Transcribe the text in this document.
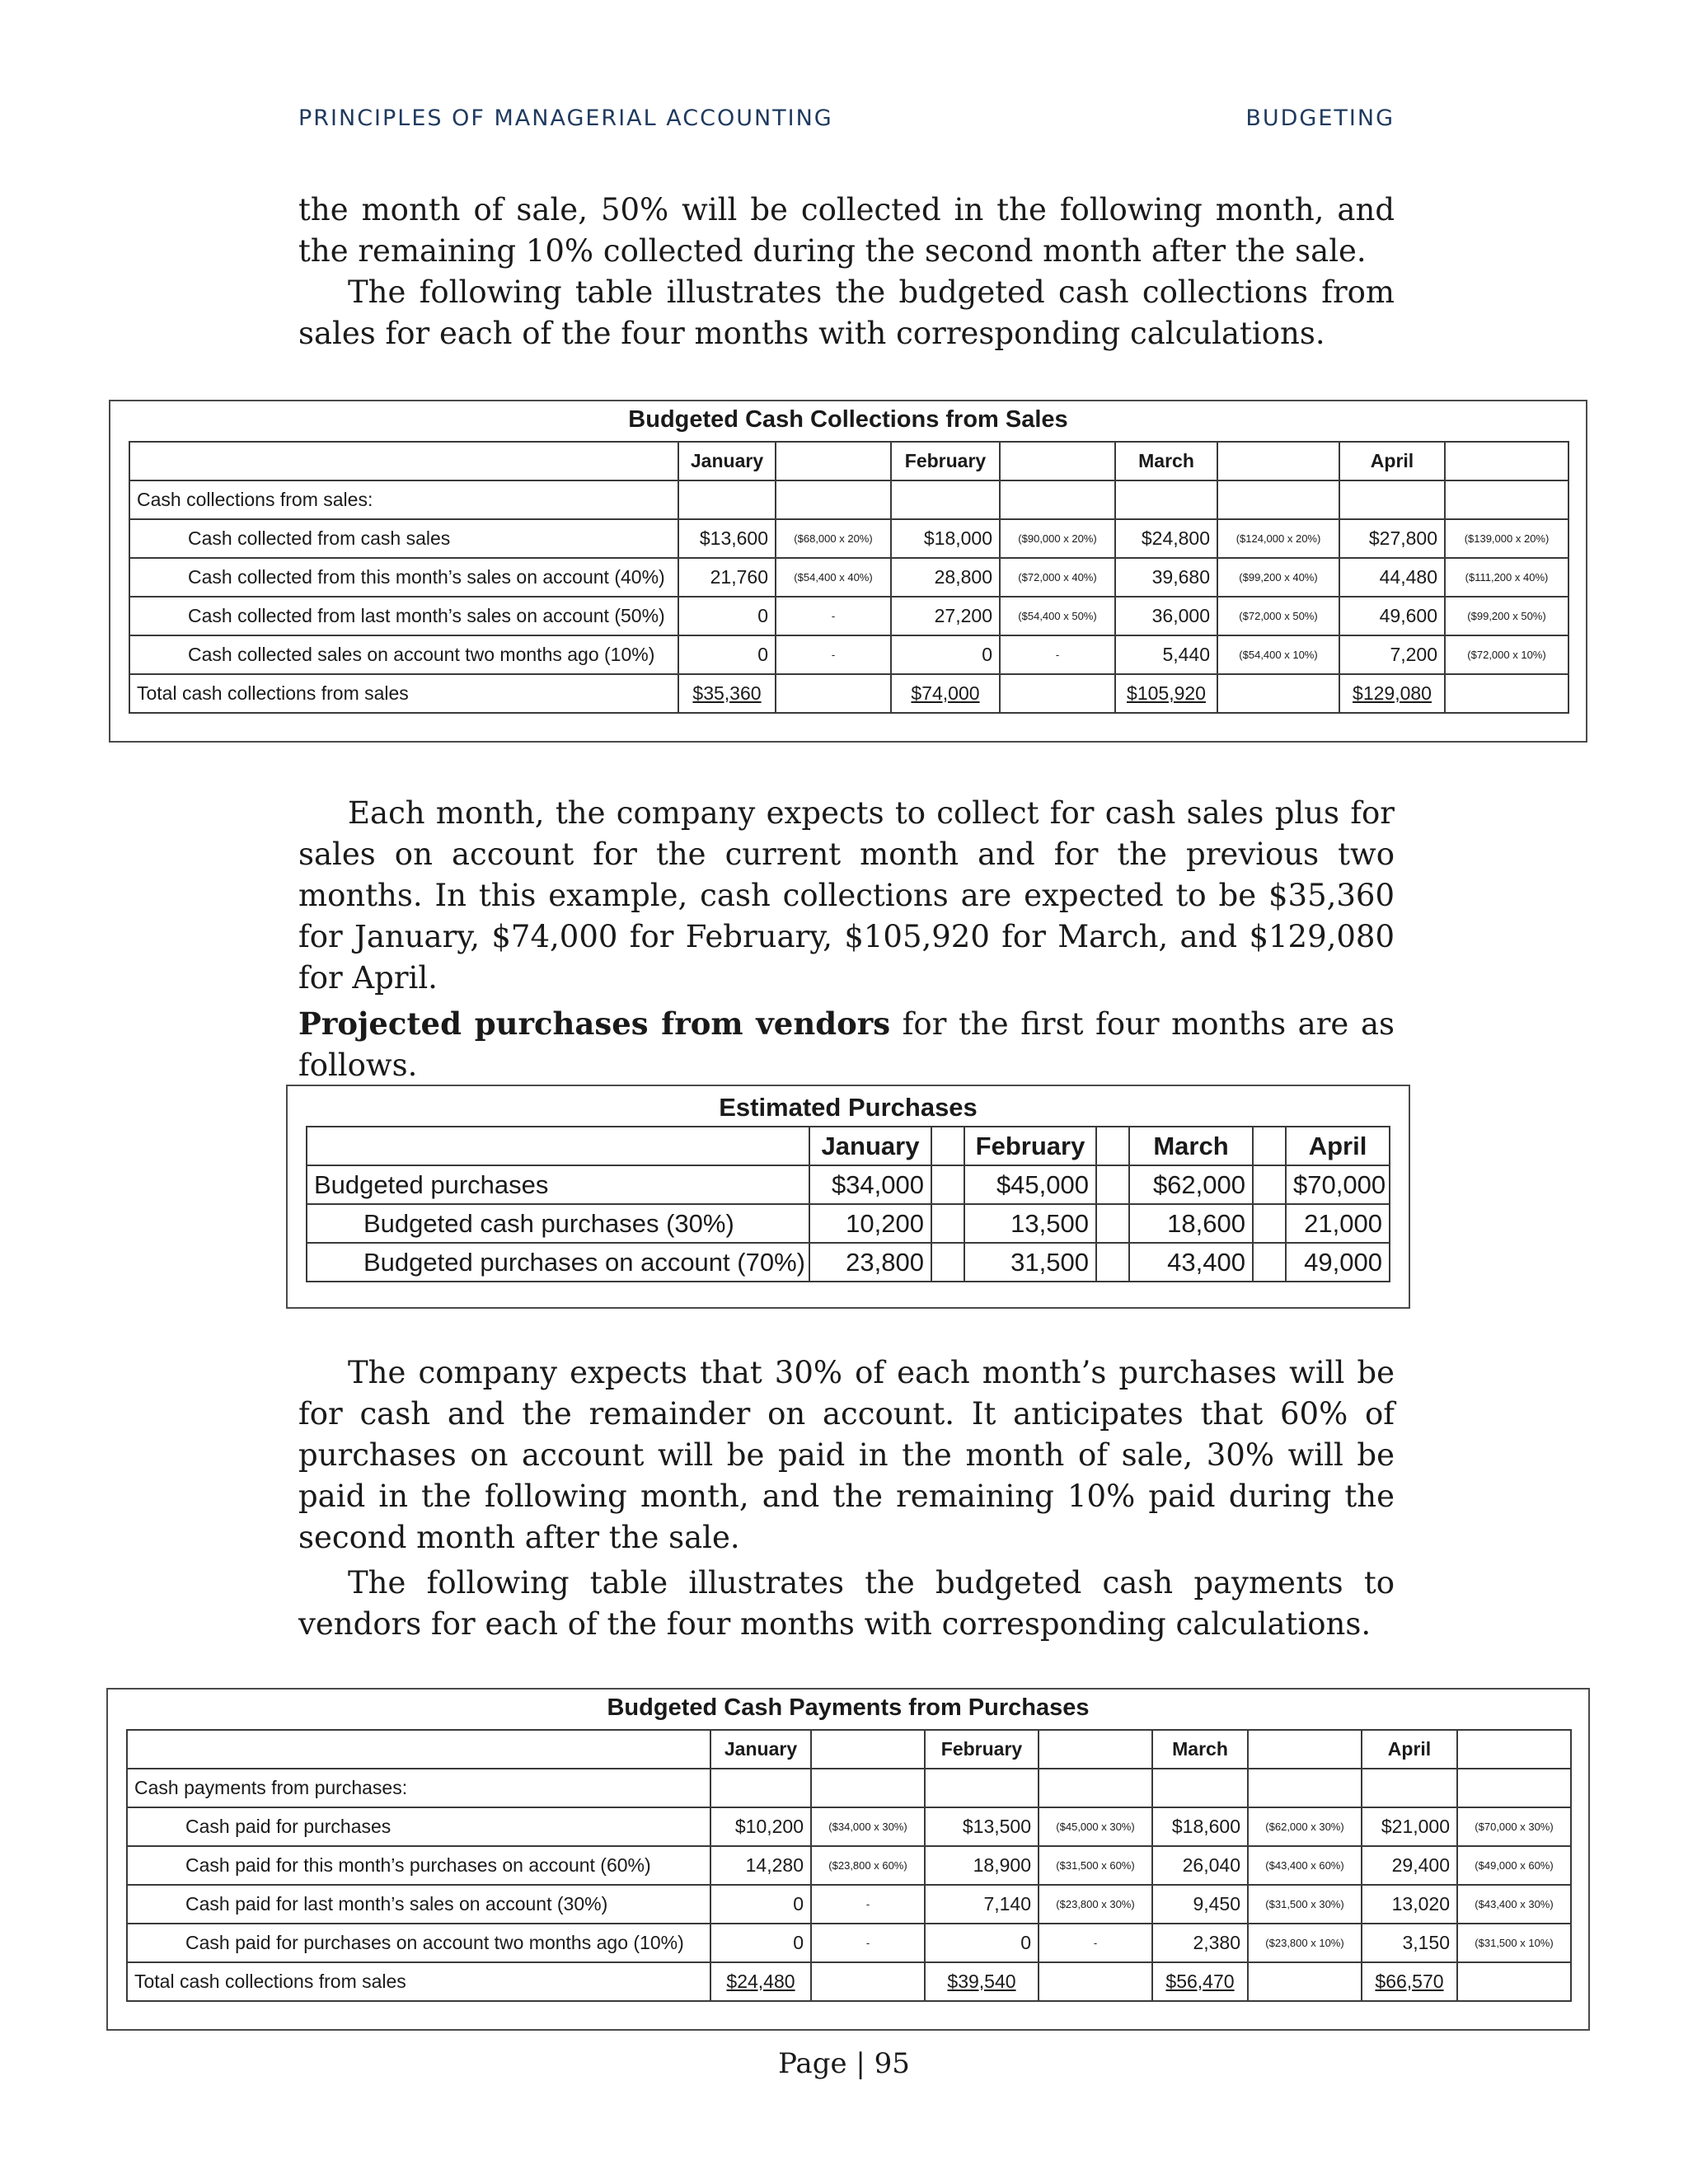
PRINCIPLES OF MANAGERIAL ACCOUNTING	BUDGETING

the month of sale, 50% will be collected in the following month, and the remaining 10% collected during the second month after the sale.

The following table illustrates the budgeted cash collections from sales for each of the four months with corresponding calculations.

Budgeted Cash Collections from Sales
	January		February		March		April	
Cash collections from sales:								
Cash collected from cash sales	$13,600	($68,000 x 20%)	$18,000	($90,000 x 20%)	$24,800	($124,000 x 20%)	$27,800	($139,000 x 20%)
Cash collected from this month’s sales on account (40%)	21,760	($54,400 x 40%)	28,800	($72,000 x 40%)	39,680	($99,200 x 40%)	44,480	($111,200 x 40%)
Cash collected from last month’s sales on account (50%)	0	-	27,200	($54,400 x 50%)	36,000	($72,000 x 50%)	49,600	($99,200 x 50%)
Cash collected sales on account two months ago (10%)	0	-	0	-	5,440	($54,400 x 10%)	7,200	($72,000 x 10%)
Total cash collections from sales	$35,360		$74,000		$105,920		$129,080	

Each month, the company expects to collect for cash sales plus for sales on account for the current month and for the previous two months. In this example, cash collections are expected to be $35,360 for January, $74,000 for February, $105,920 for March, and $129,080 for April.

Projected purchases from vendors for the first four months are as follows.

Estimated Purchases
	January		February		March		April
Budgeted purchases	$34,000		$45,000		$62,000		$70,000
Budgeted cash purchases (30%)	10,200		13,500		18,600		21,000
Budgeted purchases on account (70%)	23,800		31,500		43,400		49,000

The company expects that 30% of each month’s purchases will be for cash and the remainder on account. It anticipates that 60% of purchases on account will be paid in the month of sale, 30% will be paid in the following month, and the remaining 10% paid during the second month after the sale.

The following table illustrates the budgeted cash payments to vendors for each of the four months with corresponding calculations.

Budgeted Cash Payments from Purchases
	January		February		March		April	
Cash payments from purchases:								
Cash paid for purchases	$10,200	($34,000 x 30%)	$13,500	($45,000 x 30%)	$18,600	($62,000 x 30%)	$21,000	($70,000 x 30%)
Cash paid for this month’s purchases on account (60%)	14,280	($23,800 x 60%)	18,900	($31,500 x 60%)	26,040	($43,400 x 60%)	29,400	($49,000 x 60%)
Cash paid for last month’s sales on account (30%)	0	-	7,140	($23,800 x 30%)	9,450	($31,500 x 30%)	13,020	($43,400 x 30%)
Cash paid for purchases on account two months ago (10%)	0	-	0	-	2,380	($23,800 x 10%)	3,150	($31,500 x 10%)
Total cash collections from sales	$24,480		$39,540		$56,470		$66,570	
Page | 95
